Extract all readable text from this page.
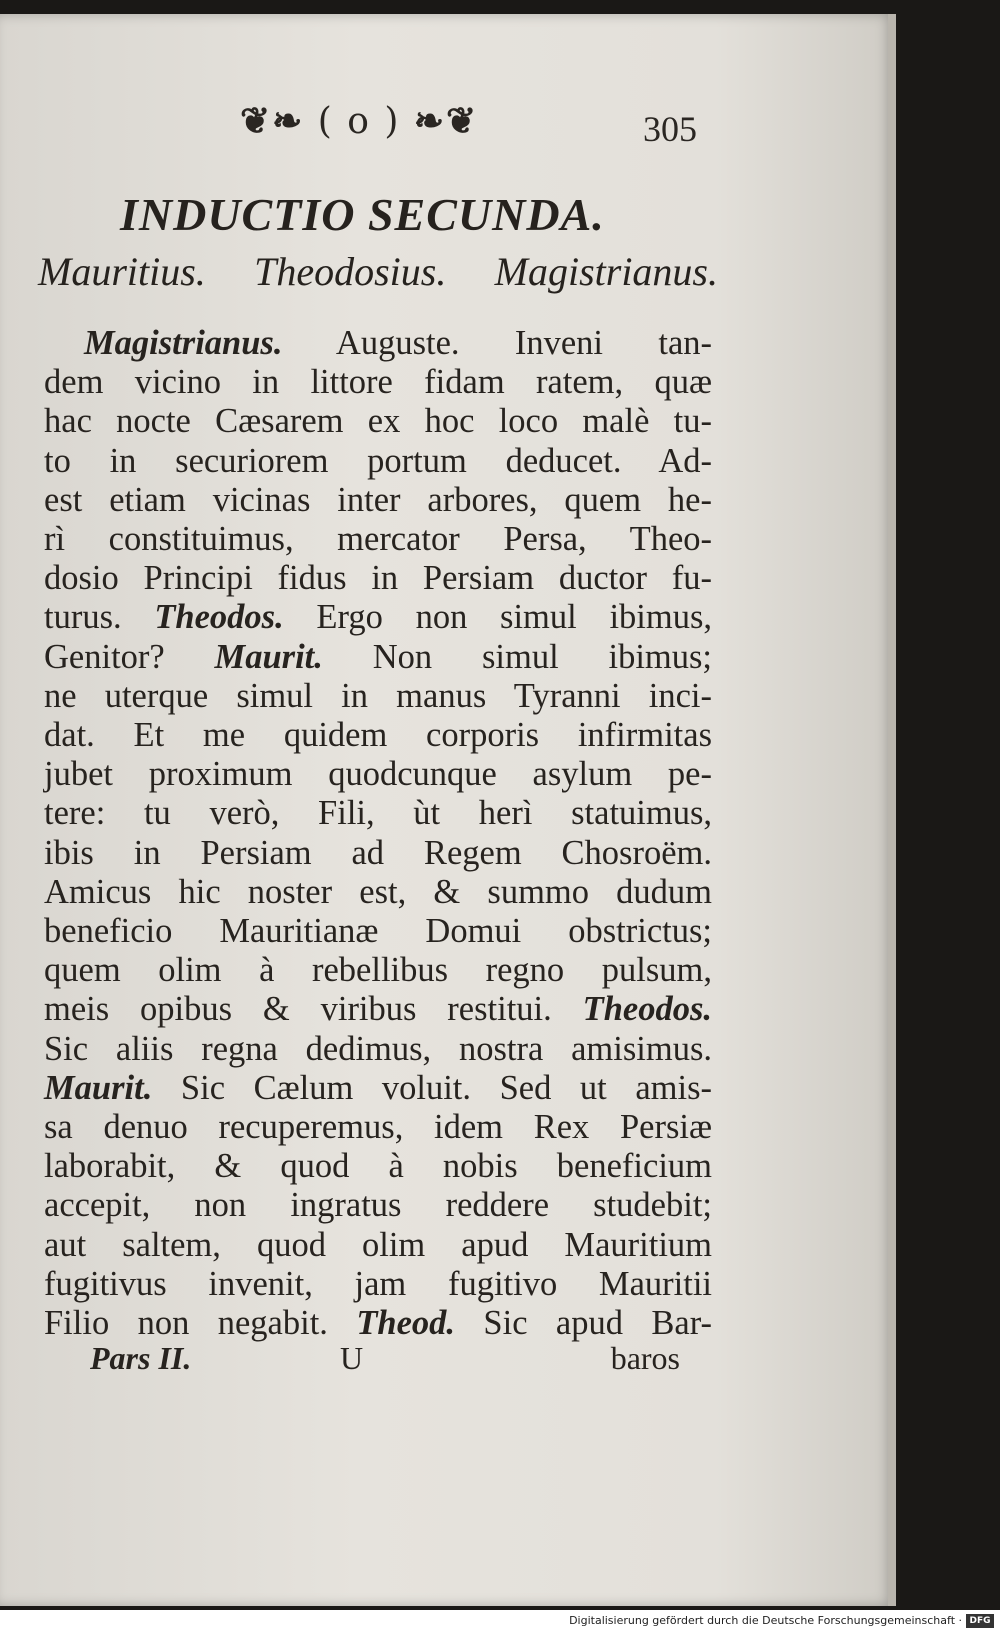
❦❧ ( o ) ❧❦	305
INDUCTIO SECUNDA.
Mauritius. Theodosius. Magistrianus.
Magistrianus. Auguste. Inveni tan-
dem vicino in littore fidam ratem, quæ
hac nocte Cæsarem ex hoc loco malè tu-
to in securiorem portum deducet. Ad-
est etiam vicinas inter arbores, quem he-
rì constituimus, mercator Persa, Theo-
dosio Principi fidus in Persiam ductor fu-
turus. Theodos. Ergo non simul ibimus,
Genitor? Maurit. Non simul ibimus;
ne uterque simul in manus Tyranni inci-
dat. Et me quidem corporis infirmitas
jubet proximum quodcunque asylum pe-
tere: tu verò, Fili, ùt herì statuimus,
ibis in Persiam ad Regem Chosroëm.
Amicus hic noster est, & summo dudum
beneficio Mauritianæ Domui obstrictus;
quem olim à rebellibus regno pulsum,
meis opibus & viribus restitui. Theodos.
Sic aliis regna dedimus, nostra amisimus.
Maurit. Sic Cælum voluit. Sed ut amis-
sa denuo recuperemus, idem Rex Persiæ
laborabit, & quod à nobis beneficium
accepit, non ingratus reddere studebit;
aut saltem, quod olim apud Mauritium
fugitivus invenit, jam fugitivo Mauritii
Filio non negabit. Theod. Sic apud Bar-
Pars II.	U	baros
Digitalisierung gefördert durch die Deutsche Forschungsgemeinschaft · DFG
